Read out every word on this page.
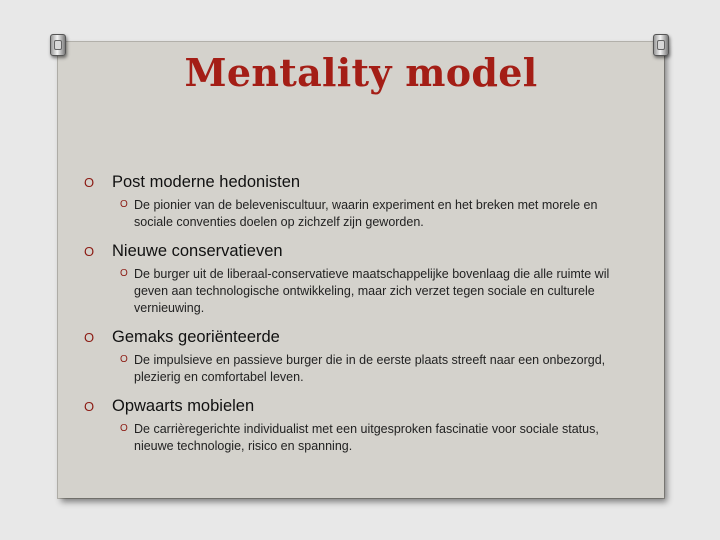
Mentality model
O	Post moderne hedonisten
O De pionier van de beleveniscultuur, waarin experiment en het breken met morele en sociale conventies doelen op zichzelf zijn geworden.
O	Nieuwe conservatieven
O De burger uit de liberaal-conservatieve maatschappelijke bovenlaag die alle ruimte wil geven aan technologische ontwikkeling, maar zich verzet tegen sociale en culturele vernieuwing.
O	Gemaks georiënteerde
O De impulsieve en passieve burger die in de eerste plaats streeft naar een onbezorgd, plezierig en comfortabel leven.
O	Opwaarts mobielen
O De carrièregerichte individualist met een uitgesproken fascinatie voor sociale status, nieuwe technologie, risico en spanning.
